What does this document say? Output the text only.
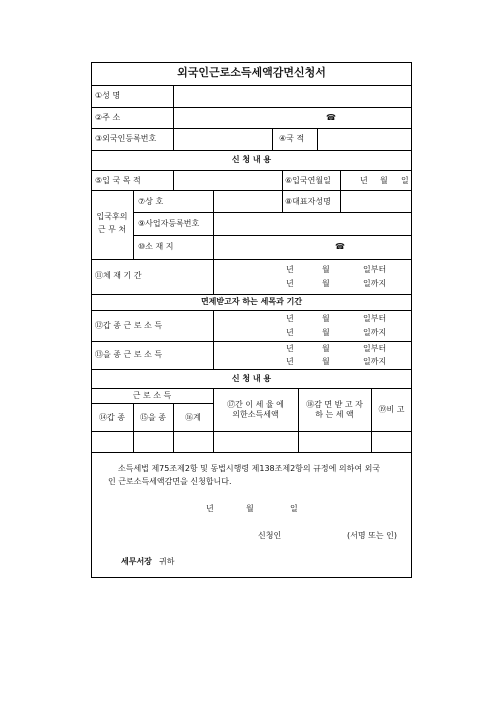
외국인근로소득세액감면신청서
①성 명
②주 소	☎
③외국인등록번호	④국 적
신 청 내 용
⑤입 국 목 적	⑥입국연월일	년 월 일
입국후의
근 무 처
⑦상 호	⑧대표자성명
⑨사업자등록번호
⑩소 재 지	☎
⑪체 재 기 간
년	월	일부터
년	월	일까지
면제받고자 하는 세목과 기간
⑫갑 종 근 로 소 득
년	월	일부터
년	월	일까지
⑬을 종 근 로 소 득
년	월	일부터
년	월	일까지
신 청 내 용
근 로 소 득
⑭갑 종	⑮을 종	⑯계
⑰간 이 세 율 에
의한소득세액
⑱감 면 받 고 자
하 는 세 액
⑲비 고
소득세법 제75조제2항 및 동법시행령 제138조제2항의 규정에 의하여 외국
인 근로소득세액감면을 신청합니다.
년	월	일
신청인	(서명 또는 인)
세무서장 귀하
